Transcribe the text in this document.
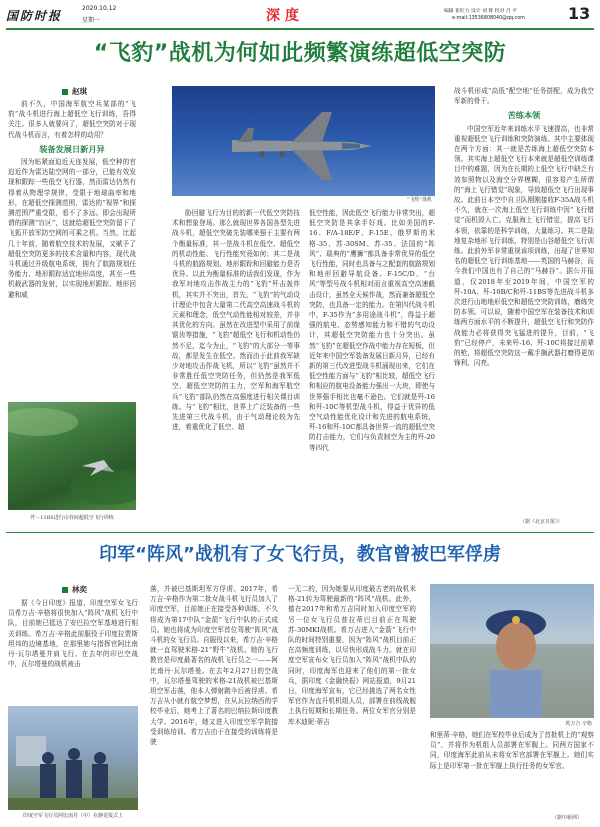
国防时报
2020.10.12
星期一	深度	编辑 崔红力 设计 刘 辉 校对 吕 平
e-mail:13536808040@qq.com	13
“飞豹”战机为何如此频繁演练超低空突防
赵琪

前不久，中国海军航空兵某部的“飞豹”战斗机进行海上超低空飞行训练，吾得关注。很多人就要问了，超低空突防对于现代战斗机而言，有着怎样的动用？

装备发展日新月异

因为贴紧面迫近天连发展，低空种的官迫近作为雷达陆空网的一部分，已能有效发现和跟踪一些低空飞行器，然而雷达仍然有得着从物理学规律，受限于地球曲率和地形，在超低空探测范围，雷达的“视界”和探测范围严重受限，看不了多远。即会出现所谓的探测“盲区”，这就给超低空突防留下了飞狐开放军防空网的可乘之机。当然，比起几十年前，随着航空技术的发展，又赋予了超低空突防更多的技术含量和内容，现代战斗机通过升级航电系统，拥有了航路规划任务能力、地形跟踪适宜地形高度，甚至一些机载武器的发射，以实现地形跟踪、地形回避和威

歼－11BS进行山谷间超低空飞行训练
“飞豹”战机

胁回避飞行为目的的新一代低空突防技术和想象登场。那么就现世界各国各型先进战斗机，超低空突破先装哪来强于主要有两个衡量标准，其一是战斗机在低空、超低空的机动性能、飞行性能究竟如何；其二是战斗机的航路规划、地形跟踪和回避能力是否优异。以此为衡量标准的话我们发现，作为我军对地攻击作战主力的“飞豹”歼击轰炸机，其实并不突出，首先，“飞豹”的气动设计理论中包含大量第二代高空高速战斗机的元素和理念，低空气动性能相对较差，并非其优化的方向。虽然在改进型中采用了前缘锯齿等措施，“飞豹”超低空飞行和机动性仍然不足，迄今为止，“飞豹”的大部分一等事故，都是发生在低空。然而由于此前我军缺少对地攻击作战飞机，所以“飞豹”虽然并不非常胜任低空突防任务，但仍然是我军低空、超低空突防的主力，空军和海军航空兵“飞豹”部队仍然在高强度进行相关课目训练。与“飞豹”相比，世界上广泛装备的一些先进第三代战斗机，由于气动理论较为先进，着重优化了低空、超

低空性能，因此低空飞行能力非常突出，超低空突防是其拿手好戏。比如美国的F-16、F/A-18E/F、F-15E、俄罗斯的米格-35、苏-30SM、苏-35、法国的“阵风”、瑞典的“鹰狮”都具备非常优异的低空飞行性能，同时也具备与之配套的航路规划和地形回避导航设备。F-15C/D、“台风”等型号战斗机相对而言重视高空高速截击设计，虽然全天候作战，然而兼备超低空突防，也具备一定的能力。在第四代战斗机中，F-35作为“多用途战斗机”，得益于超强的航电、态势感知能力和不错的气动设计，其超低空突防能力也十分突出。虽然“飞豹”在超低空作战中能力存在短板，但近年来中国空军装备发展日新月异，已经有新的第三代改进型战斗机涌现出来，它们在低空性能方面与“飞豹”相比较，超低空飞行和相应的航电设备能力强出一大块，即使与世界强手相比也毫不逊色。它们就是歼-16和歼-10C等机型战斗机，得益于优异的低空气动性能优化设计和先进的航电系统，歼-16和歼-10C都具备世界一流的超低空突防打击能力，它们与负责制空为主的歼-20等四代

战斗机形成“高低”配空地“任务搭配，成为我空军新的骨干。

苦练本领

中国空军近年来训练水平飞速提高，也非常重视超低空飞行训练和突防演练。其中主要体现在两个方面：其一就是苦练海上超低空突防本领。其实海上超低空飞行本来就是超低空训练课目中的难题，因为在长期的上低空飞行中缺乏有效参照物以及海空分界模糊，很容易产生所谓的“海上飞行错觉”现象，导致超低空飞行出现事故。此前日本空中自卫队刚刚接收F-35A战斗机不久，就在一次海上低空飞行训练中因“飞行错觉”而机毁人亡。克服海上飞行错觉，提高飞行本领，依靠的是科学训练，大量练习。其二是陆地复杂地形飞行训练，特别是山谷超低空飞行训练。此前外军非常重视该项训练，出现了世界知名的超低空飞行训练基地——英国的马赫谷，而今我们中国也有了自己的“马赫谷”。据公开报道，仅2018年至2019年间，中国空军的歼-10A、歼-10B/C和歼-11BS等先进战斗机多次进行山地地形低空和超低空突防训练，磨练突防本领。可以说，随着中国空军在装备技术和训练两方面水平的不断提升，超低空飞行和突防作战能力必将获得突飞猛进的提升，目前，“飞豹”已经停产，未来歼-16、歼-10C将接过前辈的枪，将超低空突防这一戴手搁武器打磨得更加锋利、闪亮。

（据《北京日报》）
印军“阵风”战机有了女飞行员，教官曾被巴军俘虏
林奕

据《今日印度》报道，印度空军女飞行员希万吉·辛格将很快加入“阵风”战机飞行中队，目前她已抵达了安巴拉空军基地进行相关训练。希万吉·辛格此前服役于印度拉贾斯坦邦的边境基地，在那里她与指挥官阿比南丹·瓦尔塔曼并肩飞行。在去年的印巴空战中，瓦尔塔曼的战机被击

印度空军飞行员阿比南丹（中）在静觉报式上

落，并被巴基斯坦军方俘虏。2017年，希万吉·辛格作为第二批女战斗机飞行员加入了印度空军，目前她正在接受各种训练，不久将成为第17中队“金箭”飞行中队的正式成员。她也将成为印度空军首位驾驶“阵风”战斗机的女飞行员。自服役以来，希万吉·辛格就一直驾驶米格-21“野牛”战机。她的飞行教官是印度最著名的战机飞行员之一——阿比南丹·瓦尔塔曼。在去年2月27日的空战中，瓦尔塔曼驾驶的米格-21战机被巴基斯坦空军击落，他本人弹射跳伞后被俘虏。希万吉从小就有航空梦想，在从瓦拉纳西的学校毕业后，她考上了著名的巴纳拉斯印度教大学。2016年，她又进入印度空军学院接受训练培训。希万吉由于在接受的训练将是驶

一无二的，因为她要从印度最古老的战机米格-21转为驾驶最新的“阵风”战机。此外，德在2017年和希万吉同时加入印度空军的另一位女飞行员普拉蒂巴目前正在驾驶苏-30MKI战机。希万吉进入“金箭”飞行中队的时间特别重要，因为“阵风”战机目前正在高频度训练，以尽快形成战斗力。就在印度空军宣布女飞行员加入“阵风”战机中队的同时，印度海军也迎来了他们的第一批女兵，据印度《金融快报》网站报道，9月21日，印度海军宣布，它已经挑选了两名女性军官作为直升机机组人员，部署在前线战舰上执行短期和长期任务。两位女军官分别是库木迪妮·蒂吉	希万吉·辛格

和里蒂·辛格，她们在军校毕业后成为了首批机上的“观察员”，并将作为机组人员部署在军舰上。同两方国家不同，印度海军此前从未将女军官部署在军舰上。她们实际上是印军第一批在军舰上执行任务的女军官。

（据中新网）
